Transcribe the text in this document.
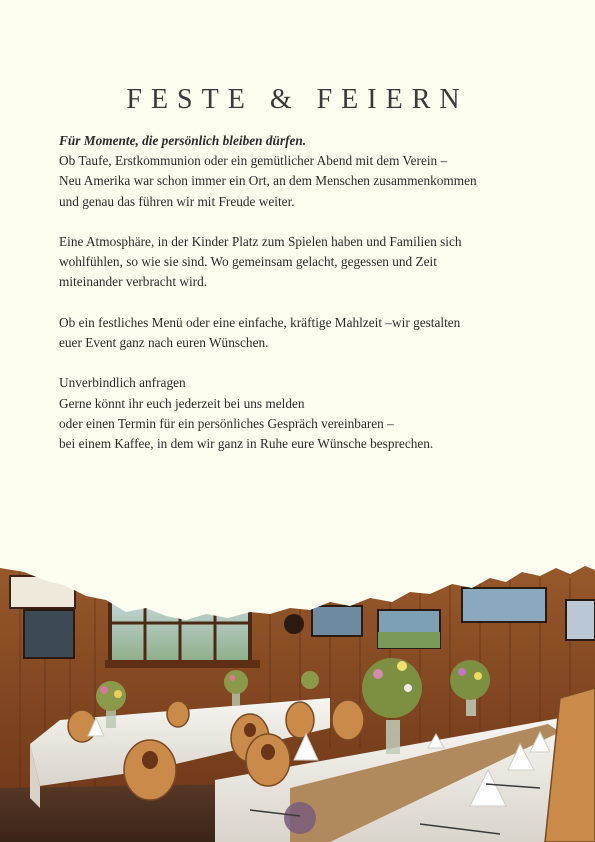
FESTE & FEIERN
Für Momente, die persönlich bleiben dürfen.
Ob Taufe, Erstkommunion oder ein gemütlicher Abend mit dem Verein –
Neu Amerika war schon immer ein Ort, an dem Menschen zusammenkommen
und genau das führen wir mit Freude weiter.
Eine Atmosphäre, in der Kinder Platz zum Spielen haben und Familien sich
wohlfühlen, so wie sie sind. Wo gemeinsam gelacht, gegessen und Zeit
miteinander verbracht wird.
Ob ein festliches Menü oder eine einfache, kräftige Mahlzeit –wir gestalten
euer Event ganz nach euren Wünschen.
Unverbindlich anfragen
Gerne könnt ihr euch jederzeit bei uns melden
oder einen Termin für ein persönliches Gespräch vereinbaren –
bei einem Kaffee, in dem wir ganz in Ruhe eure Wünsche besprechen.
